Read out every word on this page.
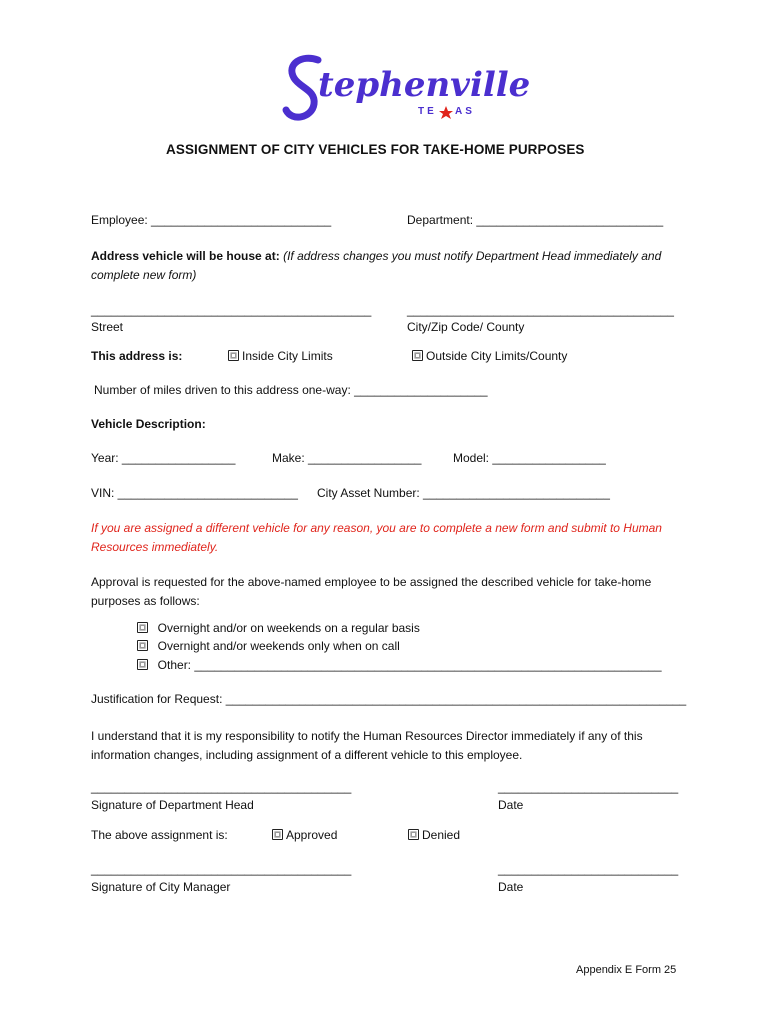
tephenville
TE AS
ASSIGNMENT OF CITY VEHICLES FOR TAKE-HOME PURPOSES
Employee: ___________________________	Department: ____________________________
Address vehicle will be house at: (If address changes you must notify Department Head immediately and complete new form)
__________________________________________
Street
________________________________________
City/Zip Code/ County
This address is:	Inside City Limits	Outside City Limits/County
Number of miles driven to this address one-way: ____________________
Vehicle Description:
Year: _________________	Make: _________________	Model: _________________
VIN: ___________________________ City Asset Number: ____________________________
If you are assigned a different vehicle for any reason, you are to complete a new form and submit to Human Resources immediately.
Approval is requested for the above-named employee to be assigned the described vehicle for take-home purposes as follows:
Overnight and/or on weekends on a regular basis
Overnight and/or weekends only when on call
Other: ______________________________________________________________________
Justification for Request: _____________________________________________________________________
I understand that it is my responsibility to notify the Human Resources Director immediately if any of this information changes, including assignment of a different vehicle to this employee.
_______________________________________
Signature of Department Head
___________________________
Date
The above assignment is:	Approved	Denied
_______________________________________
Signature of City Manager
___________________________
Date
Appendix E Form 25
